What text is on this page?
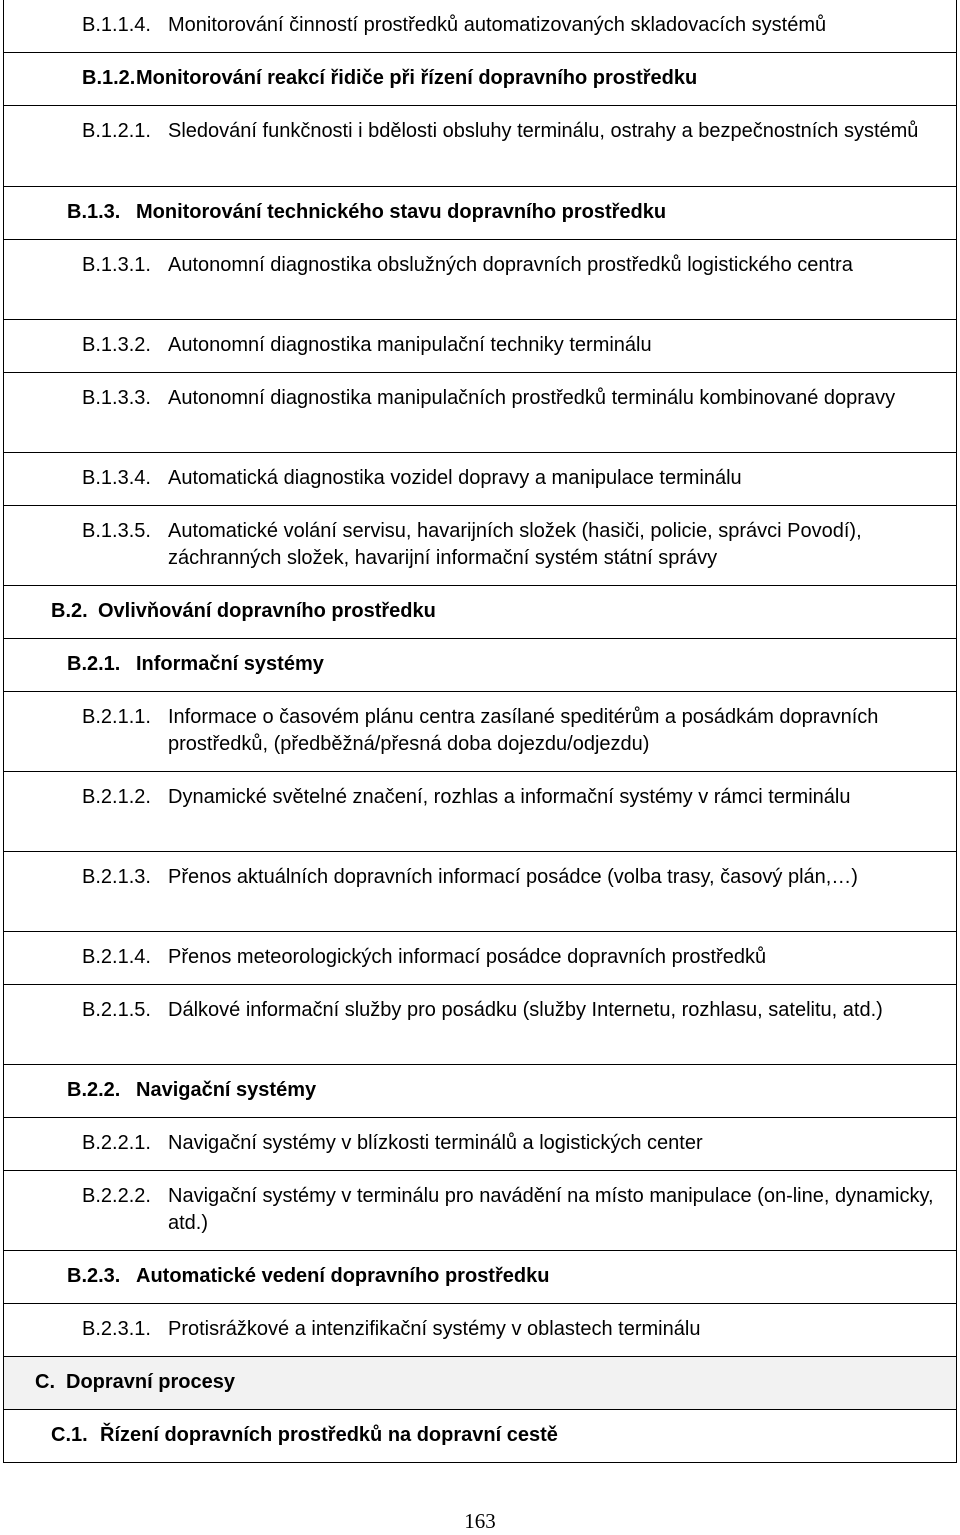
B.1.1.4. Monitorování činností prostředků automatizovaných skladovacích systémů
B.1.2. Monitorování reakcí řidiče při řízení dopravního prostředku
B.1.2.1. Sledování funkčnosti i bdělosti obsluhy terminálu, ostrahy a bezpečnostních systémů
B.1.3. Monitorování technického stavu dopravního prostředku
B.1.3.1. Autonomní diagnostika obslužných dopravních prostředků logistického centra
B.1.3.2. Autonomní diagnostika manipulační techniky terminálu
B.1.3.3. Autonomní diagnostika manipulačních prostředků terminálu kombinované dopravy
B.1.3.4. Automatická diagnostika vozidel dopravy a manipulace terminálu
B.1.3.5. Automatické volání servisu, havarijních složek (hasiči, policie, správci Povodí), záchranných složek, havarijní informační systém státní správy
B.2. Ovlivňování dopravního prostředku
B.2.1. Informační systémy
B.2.1.1. Informace o časovém plánu centra zasílané speditérům a posádkám dopravních prostředků, (předběžná/přesná doba dojezdu/odjezdu)
B.2.1.2. Dynamické světelné značení, rozhlas a informační systémy v rámci terminálu
B.2.1.3. Přenos aktuálních dopravních informací posádce (volba trasy, časový plán,…)
B.2.1.4. Přenos meteorologických informací posádce dopravních prostředků
B.2.1.5. Dálkové informační služby pro posádku (služby Internetu, rozhlasu, satelitu, atd.)
B.2.2. Navigační systémy
B.2.2.1. Navigační systémy v blízkosti terminálů a logistických center
B.2.2.2. Navigační systémy v terminálu pro navádění na místo manipulace (on-line, dynamicky, atd.)
B.2.3. Automatické vedení dopravního prostředku
B.2.3.1. Protisrážkové a intenzifikační systémy v oblastech terminálu
C. Dopravní procesy
C.1. Řízení dopravních prostředků na dopravní cestě
163
